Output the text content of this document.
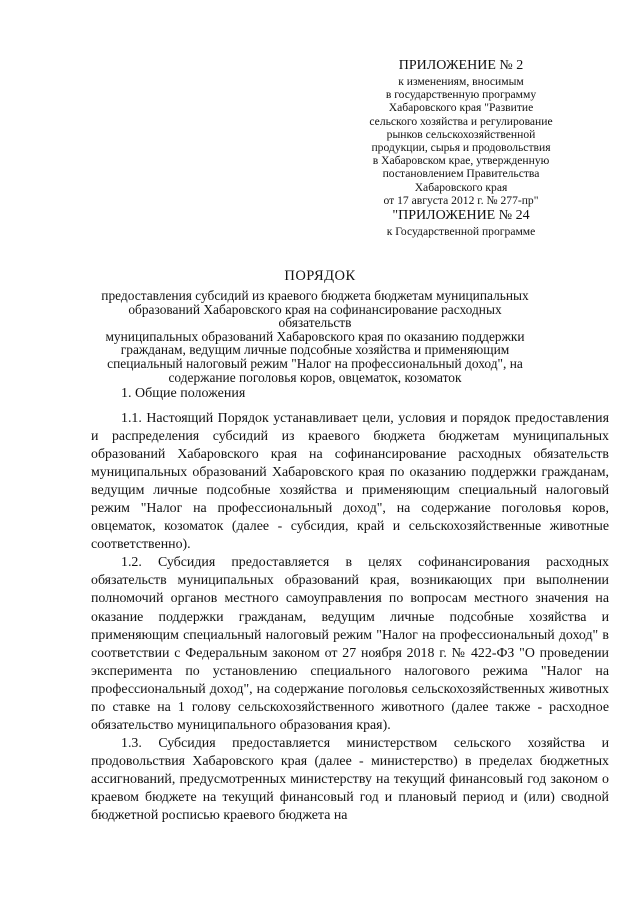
ПРИЛОЖЕНИЕ № 2
к изменениям, вносимым
в государственную программу
Хабаровского края "Развитие
сельского хозяйства и регулирование
рынков сельскохозяйственной
продукции, сырья и продовольствия
в Хабаровском крае, утвержденную
постановлением Правительства
Хабаровского края
от 17 августа 2012 г. № 277-пр"
"ПРИЛОЖЕНИЕ № 24
к Государственной программе
ПОРЯДОК
предоставления субсидий из краевого бюджета бюджетам муниципальных
образований Хабаровского края на софинансирование расходных обязательств
муниципальных образований Хабаровского края по оказанию поддержки
гражданам, ведущим личные подсобные хозяйства и применяющим
специальный налоговый режим "Налог на профессиональный доход", на
содержание поголовья коров, овцематок, козоматок
1. Общие положения

1.1. Настоящий Порядок устанавливает цели, условия и порядок предоставления и распределения субсидий из краевого бюджета бюджетам муниципальных образований Хабаровского края на софинансирование расходных обязательств муниципальных образований Хабаровского края по оказанию поддержки гражданам, ведущим личные подсобные хозяйства и применяющим специальный налоговый режим "Налог на профессиональный доход", на содержание поголовья коров, овцематок, козоматок (далее - субсидия, край и сельскохозяйственные животные соответственно).

1.2. Субсидия предоставляется в целях софинансирования расходных обязательств муниципальных образований края, возникающих при выполнении полномочий органов местного самоуправления по вопросам местного значения на оказание поддержки гражданам, ведущим личные подсобные хозяйства и применяющим специальный налоговый режим "Налог на профессиональный доход" в соответствии с Федеральным законом от 27 ноября 2018 г. № 422-ФЗ "О проведении эксперимента по установлению специального налогового режима "Налог на профессиональный доход", на содержание поголовья сельскохозяйственных животных по ставке на 1 голову сельскохозяйственного животного (далее также - расходное обязательство муниципального образования края).

1.3. Субсидия предоставляется министерством сельского хозяйства и продовольствия Хабаровского края (далее - министерство) в пределах бюджетных ассигнований, предусмотренных министерству на текущий финансовый год законом о краевом бюджете на текущий финансовый год и плановый период и (или) сводной бюджетной росписью краевого бюджета на
